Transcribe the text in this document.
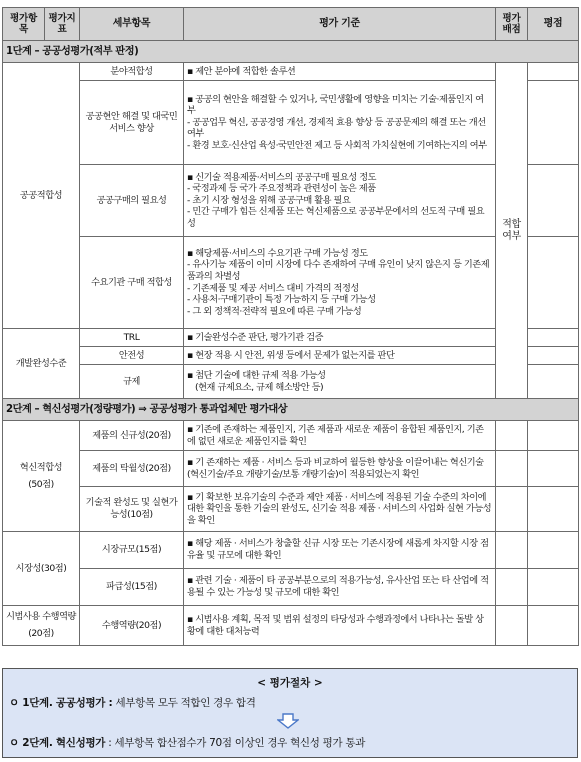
평가항목	평가지표	세부항목	평가 기준	평가배점	평점
1단계 – 공공성평가(적부 판정)					

공공적합성		분야적합성	▪ 제안 분야에 적합한 솔루션	적합여부	
		공공현안 해결 및 대국민 서비스 향상	▪ 공공의 현안을 해결할 수 있거나, 국민생활에 영향을 미치는 기술·제품인지 여부
- 공공업무 혁신, 공공경영 개선, 경제적 효용 향상 등 공공문제의 해결 또는 개선 여부
- 환경 보호·신산업 육성·국민안전 제고 등 사회적 가치실현에 기여하는지의 여부		

		공공구매의 필요성	▪ 신기술 적용제품·서비스의 공공구매 필요성 정도
- 국정과제 등 국가 주요정책과 관련성이 높은 제품
- 초기 시장 형성을 위해 공공구매 활용 필요
- 민간 구매가 힘든 신제품 또는 혁신제품으로 공공부문에서의 선도적 구매 필요성		

		수요기관 구매 적합성	▪ 해당제품·서비스의 수요기관 구매 가능성 정도
- 유사기능 제품이 이미 시장에 다수 존재하여 구매 유인이 낮지 않은지 등 기존제품과의 차별성
- 기존제품 및 제공 서비스 대비 가격의 적정성
- 사용처·구매기관이 특정 가능하지 등 구매 가능성
- 그 외 정책적·전략적 필요에 따른 구매 가능성		

개발완성수준		TRL	▪ 기술완성수준 판단, 평가기관 검증		

		안전성	▪ 현장 적용 시 안전, 위생 등에서 문제가 없는지를 판단		

		규제	▪ 첨단 기술에 대한 규제 적용 가능성
(현재 규제요소, 규제 해소방안 등)		

2단계 – 혁신성평가(정량평가) ⇒ 공공성평가 통과업체만 평가대상					

혁신적합성
(50점)		제품의 신규성(20점)	▪ 기존에 존재하는 제품인지, 기존 제품과 새로운 제품이 융합된 제품인지, 기존에 없던 새로운 제품인지를 확인		

		제품의 탁월성(20점)	▪ 기 존재하는 제품 · 서비스 등과 비교하여 월등한 향상을 이끌어내는 혁신기술(혁신기술/주요 개량기술/보통 개량기술)이 적용되었는지 확인		

		기술적 완성도 및 실현가능성(10점)	▪ 기 확보한 보유기술의 수준과 제안 제품 · 서비스에 적용된 기술 수준의 차이에 대한 확인을 통한 기술의 완성도, 신기술 적용 제품 · 서비스의 사업화 실현 가능성을 확인		

시장성(30점)		시장규모(15점)	▪ 해당 제품 · 서비스가 창출할 신규 시장 또는 기존시장에 새롭게 차지할 시장 점유율 및 규모에 대한 확인		

		파급성(15점)	▪ 관련 기술 · 제품이 타 공공부분으로의 적용가능성, 유사산업 또는 타 산업에 적용될 수 있는 가능성 및 규모에 대한 확인		

시범사용 수행역량
(20점)		수행역량(20점)	▪ 시범사용 계획, 목적 및 범위 설정의 타당성과 수행과정에서 나타나는 돌발 상황에 대한 대처능력		

< 평가절차 >
ㅇ 1단계. 공공성평가 : 세부항목 모두 적합인 경우 합격
ㅇ 2단계. 혁신성평가 : 세부항목 합산점수가 70점 이상인 경우 혁신성 평가 통과
